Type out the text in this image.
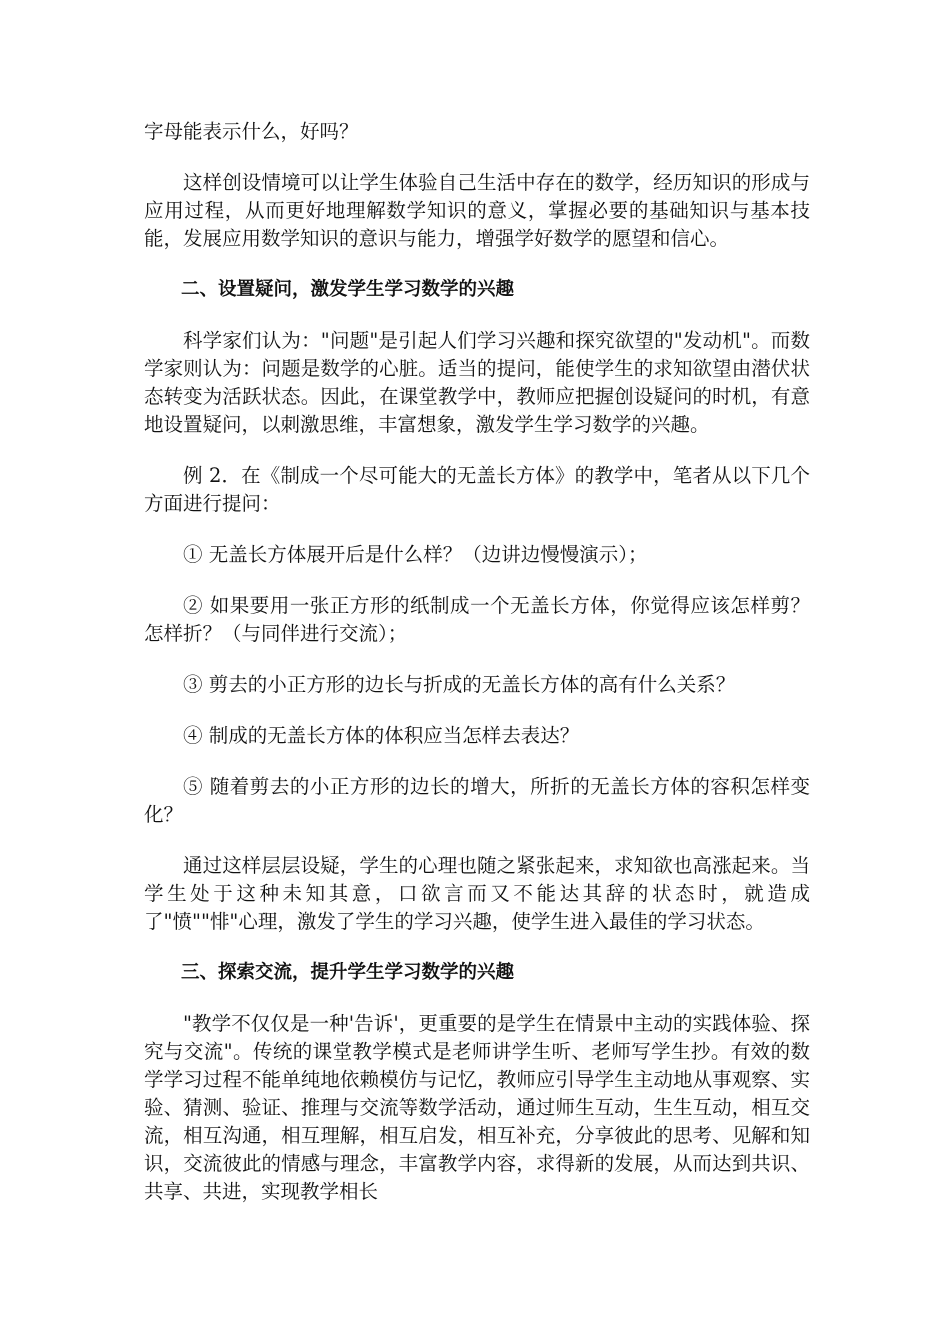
字母能表示什么，好吗？

这样创设情境可以让学生体验自己生活中存在的数学，经历知识的形成与应用过程，从而更好地理解数学知识的意义，掌握必要的基础知识与基本技能，发展应用数学知识的意识与能力，增强学好数学的愿望和信心。

二、设置疑问，激发学生学习数学的兴趣

科学家们认为："问题"是引起人们学习兴趣和探究欲望的"发动机"。而数学家则认为：问题是数学的心脏。适当的提问，能使学生的求知欲望由潜伏状态转变为活跃状态。因此，在课堂教学中，教师应把握创设疑问的时机，有意地设置疑问，以刺激思维，丰富想象，激发学生学习数学的兴趣。

例 2．在《制成一个尽可能大的无盖长方体》的教学中，笔者从以下几个方面进行提问：

① 无盖长方体展开后是什么样？（边讲边慢慢演示）；

② 如果要用一张正方形的纸制成一个无盖长方体，你觉得应该怎样剪？怎样折？（与同伴进行交流）；

③ 剪去的小正方形的边长与折成的无盖长方体的高有什么关系？

④ 制成的无盖长方体的体积应当怎样去表达？

⑤ 随着剪去的小正方形的边长的增大，所折的无盖长方体的容积怎样变化？

通过这样层层设疑，学生的心理也随之紧张起来，求知欲也高涨起来。当学生处于这种未知其意，口欲言而又不能达其辞的状态时，就造成了"愤""悱"心理，激发了学生的学习兴趣，使学生进入最佳的学习状态。

三、探索交流，提升学生学习数学的兴趣

"教学不仅仅是一种'告诉'，更重要的是学生在情景中主动的实践体验、探究与交流"。传统的课堂教学模式是老师讲学生听、老师写学生抄。有效的数学学习过程不能单纯地依赖模仿与记忆，教师应引导学生主动地从事观察、实验、猜测、验证、推理与交流等数学活动，通过师生互动，生生互动，相互交流，相互沟通，相互理解，相互启发，相互补充，分享彼此的思考、见解和知识，交流彼此的情感与理念，丰富教学内容，求得新的发展，从而达到共识、共享、共进，实现教学相长
